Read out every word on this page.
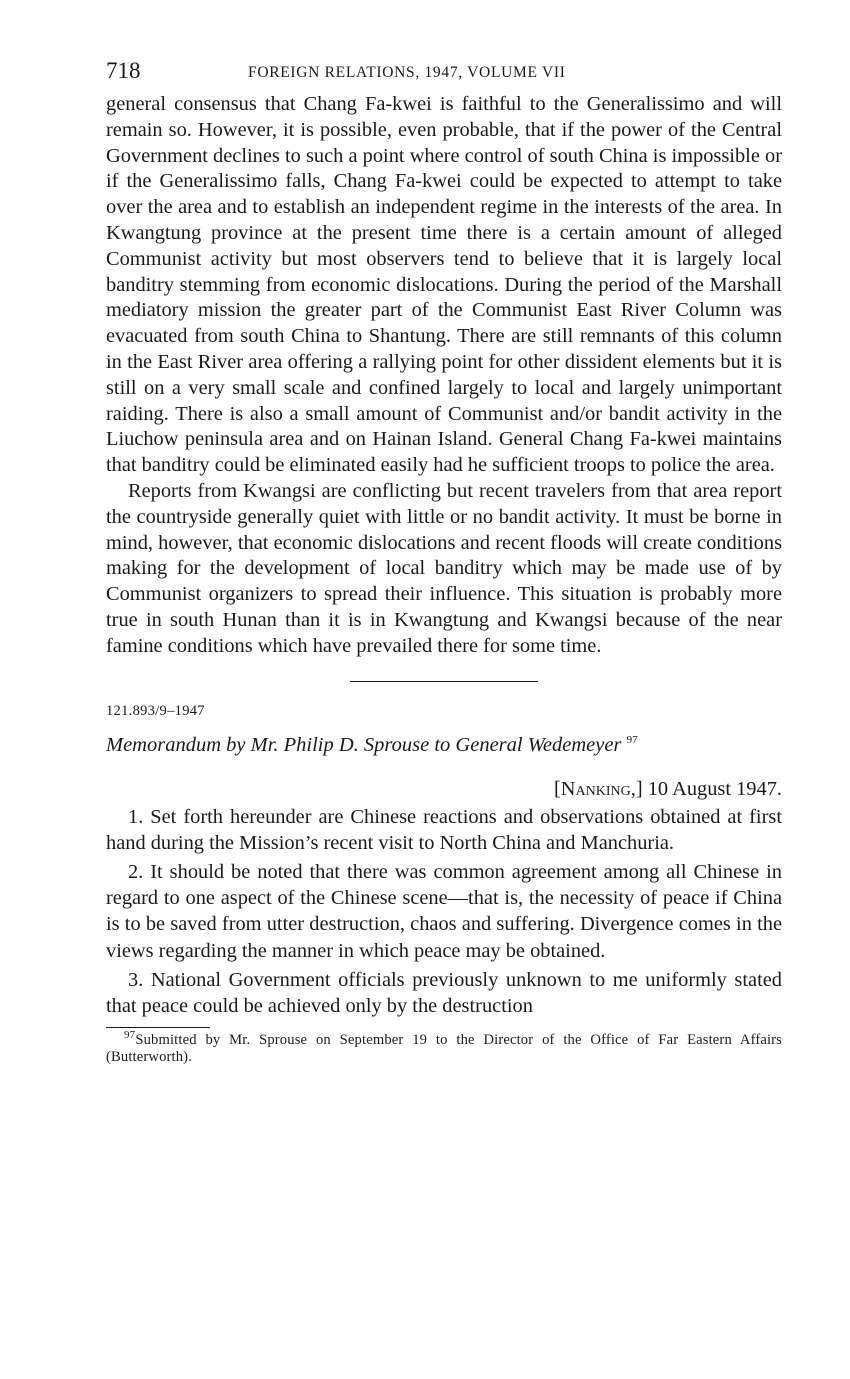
718	FOREIGN RELATIONS, 1947, VOLUME VII

general consensus that Chang Fa-kwei is faithful to the Generalissimo and will remain so. However, it is possible, even probable, that if the power of the Central Government declines to such a point where control of south China is impossible or if the Generalissimo falls, Chang Fa-kwei could be expected to attempt to take over the area and to establish an independent regime in the interests of the area. In Kwangtung province at the present time there is a certain amount of alleged Communist activity but most observers tend to believe that it is largely local banditry stemming from economic dislocations. During the period of the Marshall mediatory mission the greater part of the Communist East River Column was evacuated from south China to Shantung. There are still remnants of this column in the East River area offering a rallying point for other dissident elements but it is still on a very small scale and confined largely to local and largely unimportant raiding. There is also a small amount of Communist and/or bandit activity in the Liuchow peninsula area and on Hainan Island. General Chang Fa-kwei maintains that banditry could be eliminated easily had he sufficient troops to police the area.

Reports from Kwangsi are conflicting but recent travelers from that area report the countryside generally quiet with little or no bandit activity. It must be borne in mind, however, that economic dislocations and recent floods will create conditions making for the development of local banditry which may be made use of by Communist organizers to spread their influence. This situation is probably more true in south Hunan than it is in Kwangtung and Kwangsi because of the near famine conditions which have prevailed there for some time.

121.893/9–1947
Memorandum by Mr. Philip D. Sprouse to General Wedemeyer $^{97}$
[Nanking,] 10 August 1947.

1. Set forth hereunder are Chinese reactions and observations obtained at first hand during the Mission’s recent visit to North China and Manchuria.

2. It should be noted that there was common agreement among all Chinese in regard to one aspect of the Chinese scene—that is, the necessity of peace if China is to be saved from utter destruction, chaos and suffering. Divergence comes in the views regarding the manner in which peace may be obtained.

3. National Government officials previously unknown to me uniformly stated that peace could be achieved only by the destruction

$^{97}$Submitted by Mr. Sprouse on September 19 to the Director of the Office of Far Eastern Affairs (Butterworth).
